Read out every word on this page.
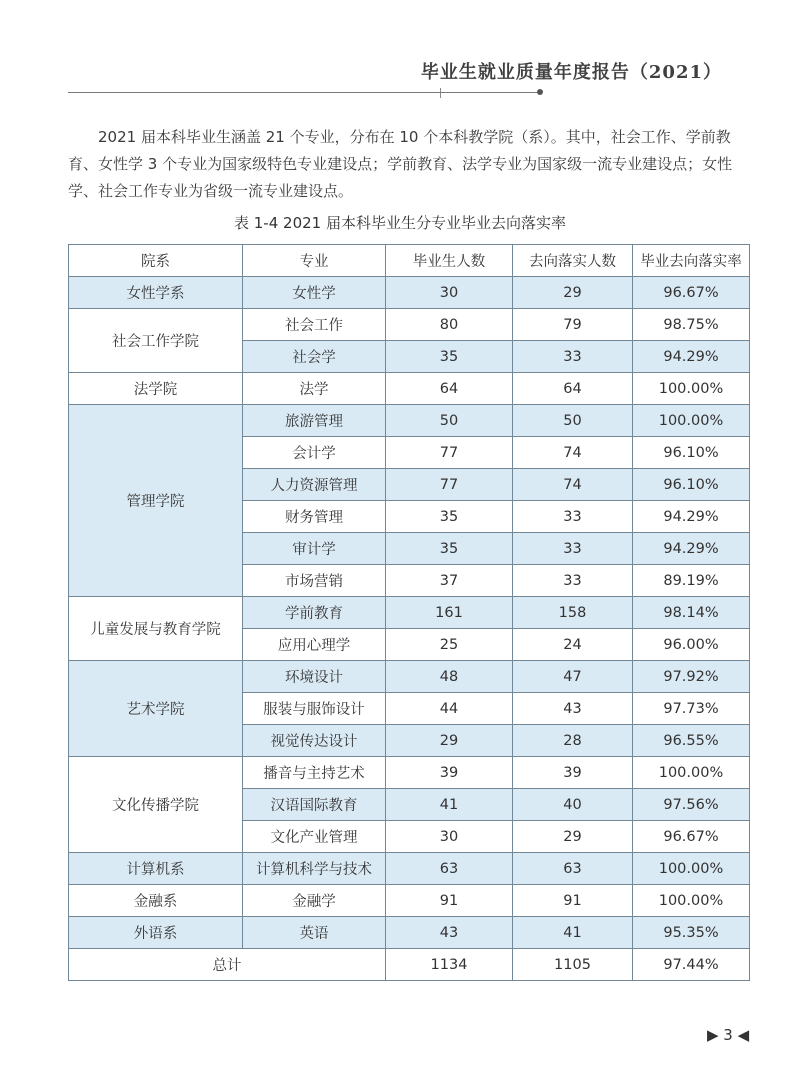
毕业生就业质量年度报告（2021）

2021 届本科毕业生涵盖 21 个专业，分布在 10 个本科教学院（系）。其中，社会工作、学前教育、女性学 3 个专业为国家级特色专业建设点；学前教育、法学专业为国家级一流专业建设点；女性学、社会工作专业为省级一流专业建设点。

表 1-4 2021 届本科毕业生分专业毕业去向落实率
院系	专业	毕业生人数	去向落实人数	毕业去向落实率
女性学系	女性学	30	29	96.67%
社会工作学院	社会工作	80	79	98.75%
	社会学	35	33	94.29%
法学院	法学	64	64	100.00%
管理学院	旅游管理	50	50	100.00%
	会计学	77	74	96.10%
	人力资源管理	77	74	96.10%
	财务管理	35	33	94.29%
	审计学	35	33	94.29%
	市场营销	37	33	89.19%
儿童发展与教育学院	学前教育	161	158	98.14%
	应用心理学	25	24	96.00%
艺术学院	环境设计	48	47	97.92%
	服装与服饰设计	44	43	97.73%
	视觉传达设计	29	28	96.55%
文化传播学院	播音与主持艺术	39	39	100.00%
	汉语国际教育	41	40	97.56%
	文化产业管理	30	29	96.67%
计算机系	计算机科学与技术	63	63	100.00%
金融系	金融学	91	91	100.00%
外语系	英语	43	41	95.35%
总计		1134	1105	97.44%
▶ 3 ◀
